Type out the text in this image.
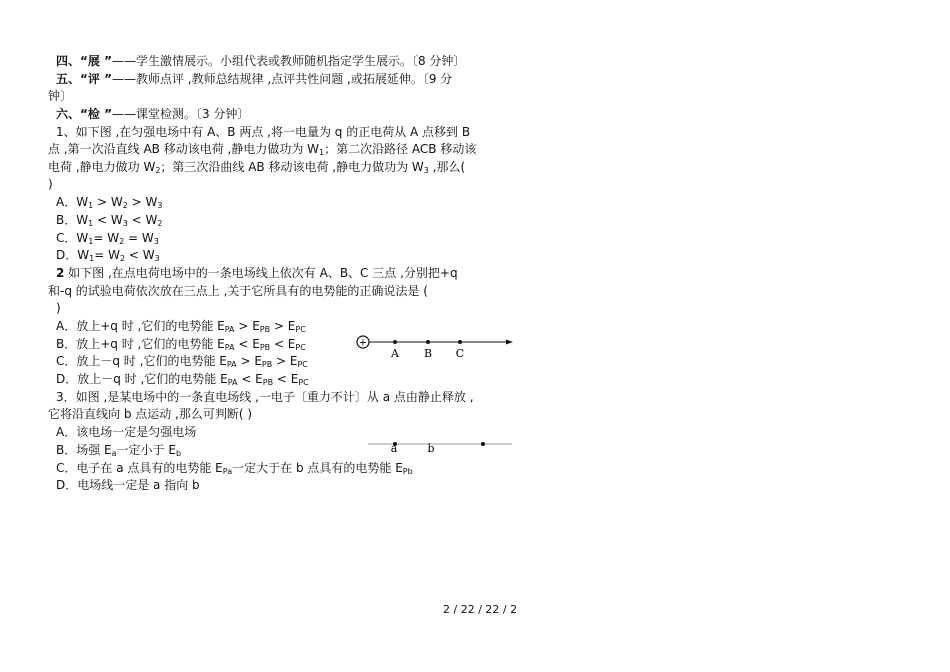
四、“展 ”——学生激情展示。小组代表或教师随机指定学生展示。〔8 分钟〕
五、“评 ”——教师点评 ,教师总结规律 ,点评共性问题 ,或拓展延伸。〔9 分
钟〕
六、“检 ”——课堂检测。〔3 分钟〕
1、如下图 ,在匀强电场中有 A、B 两点 ,将一电量为 q 的正电荷从 A 点移到 B
点 ,第一次沿直线 AB 移动该电荷 ,静电力做功为 $W_1$；第二次沿路径 ACB 移动该
电荷 ,静电力做功 $W_2$；第三次沿曲线 AB 移动该电荷 ,静电力做功为 $W_3$ ,那么(
)
A．$W_1 > W_2 > W_3$
B．$W_1 < W_3 < W_2$
C．$W_1= W_2 = W_3$
D．$W_1= W_2 < W_3$
2 如下图 ,在点电荷电场中的一条电场线上依次有 A、B、C 三点 ,分别把+q
和-q 的试验电荷依次放在三点上 ,关于它所具有的电势能的正确说法是 (
)
A．放上+q 时 ,它们的电势能 $E_{PA} > E_{PB} > E_{PC}$
B．放上+q 时 ,它们的电势能 $E_{PA} < E_{PB} < E_{PC}$
C．放上－q 时 ,它们的电势能 $E_{PA} > E_{PB} > E_{PC}$
D．放上－q 时 ,它们的电势能 $E_{PA} < E_{PB} < E_{PC}$
+
A B C
3．如图 ,是某电场中的一条直电场线 ,一电子〔重力不计〕从 a 点由静止释放 ,
它将沿直线向 b 点运动 ,那么可判断( )
A．该电场一定是匀强电场
B．场强 $E_a$一定小于 $E_b$
C．电子在 a 点具有的电势能 $E_{Pa}$一定大于在 b 点具有的电势能 $E_{Pb}$
D．电场线一定是 a 指向 b
a	b
2 / 22 / 22 / 2
